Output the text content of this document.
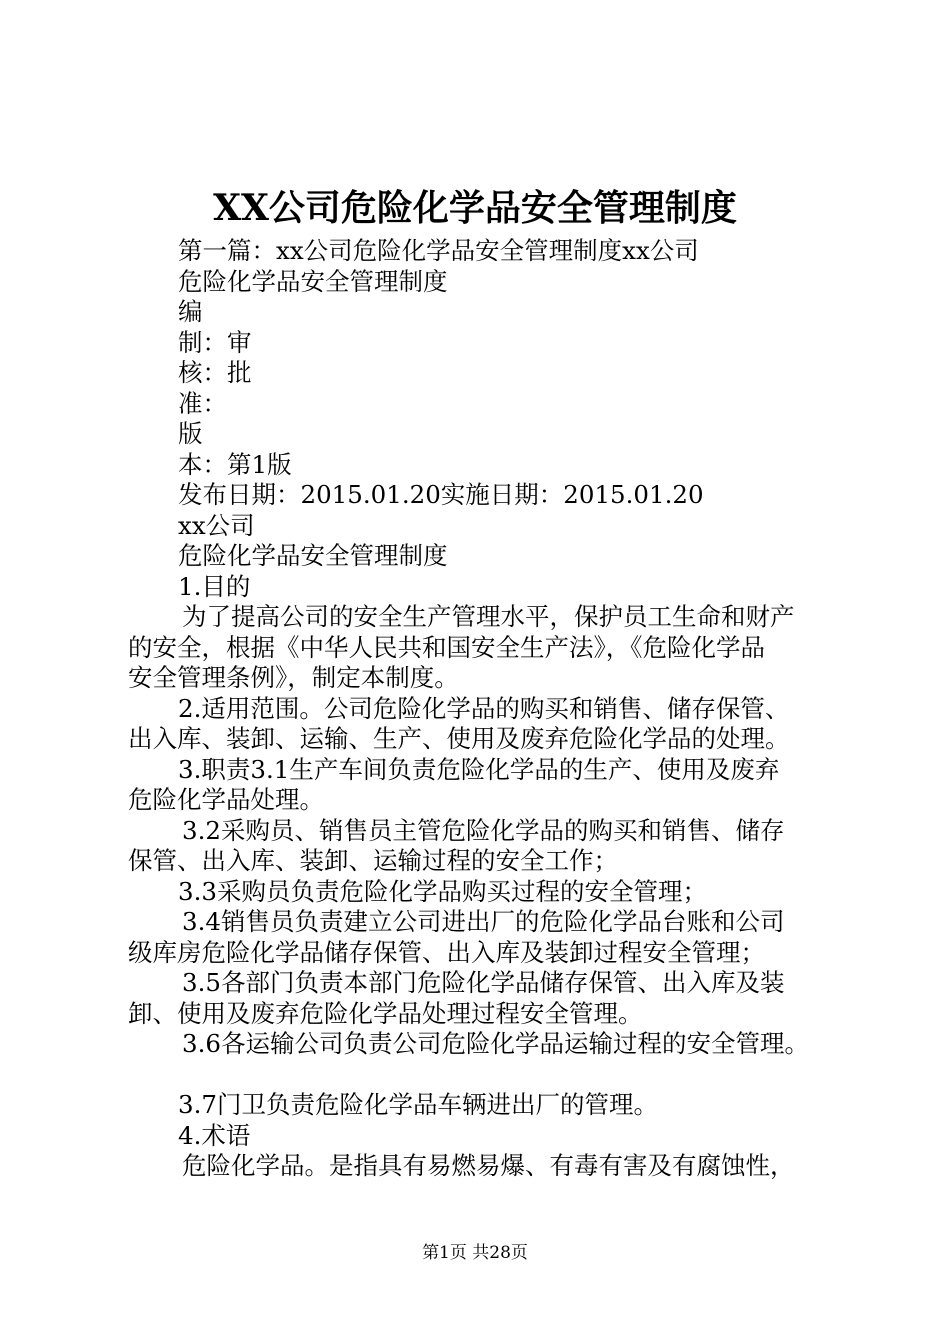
XX公司危险化学品安全管理制度
第一篇：xx公司危险化学品安全管理制度xx公司
危险化学品安全管理制度
编
制：审
核：批
准：
版
本：第1版
发布日期：2015.01.20实施日期：2015.01.20
xx公司
危险化学品安全管理制度
1.目的
为了提高公司的安全生产管理水平，保护员工生命和财产
的安全，根据《中华人民共和国安全生产法》，《危险化学品
安全管理条例》，制定本制度。
2.适用范围。公司危险化学品的购买和销售、储存保管、
出入库、装卸、运输、生产、使用及废弃危险化学品的处理。
3.职责3.1生产车间负责危险化学品的生产、使用及废弃
危险化学品处理。
3.2采购员、销售员主管危险化学品的购买和销售、储存
保管、出入库、装卸、运输过程的安全工作；
3.3采购员负责危险化学品购买过程的安全管理；
3.4销售员负责建立公司进出厂的危险化学品台账和公司
级库房危险化学品储存保管、出入库及装卸过程安全管理；
3.5各部门负责本部门危险化学品储存保管、出入库及装
卸、使用及废弃危险化学品处理过程安全管理。
3.6各运输公司负责公司危险化学品运输过程的安全管理。
3.7门卫负责危险化学品车辆进出厂的管理。
4.术语
危险化学品。是指具有易燃易爆、有毒有害及有腐蚀性，
第1页 共28页
